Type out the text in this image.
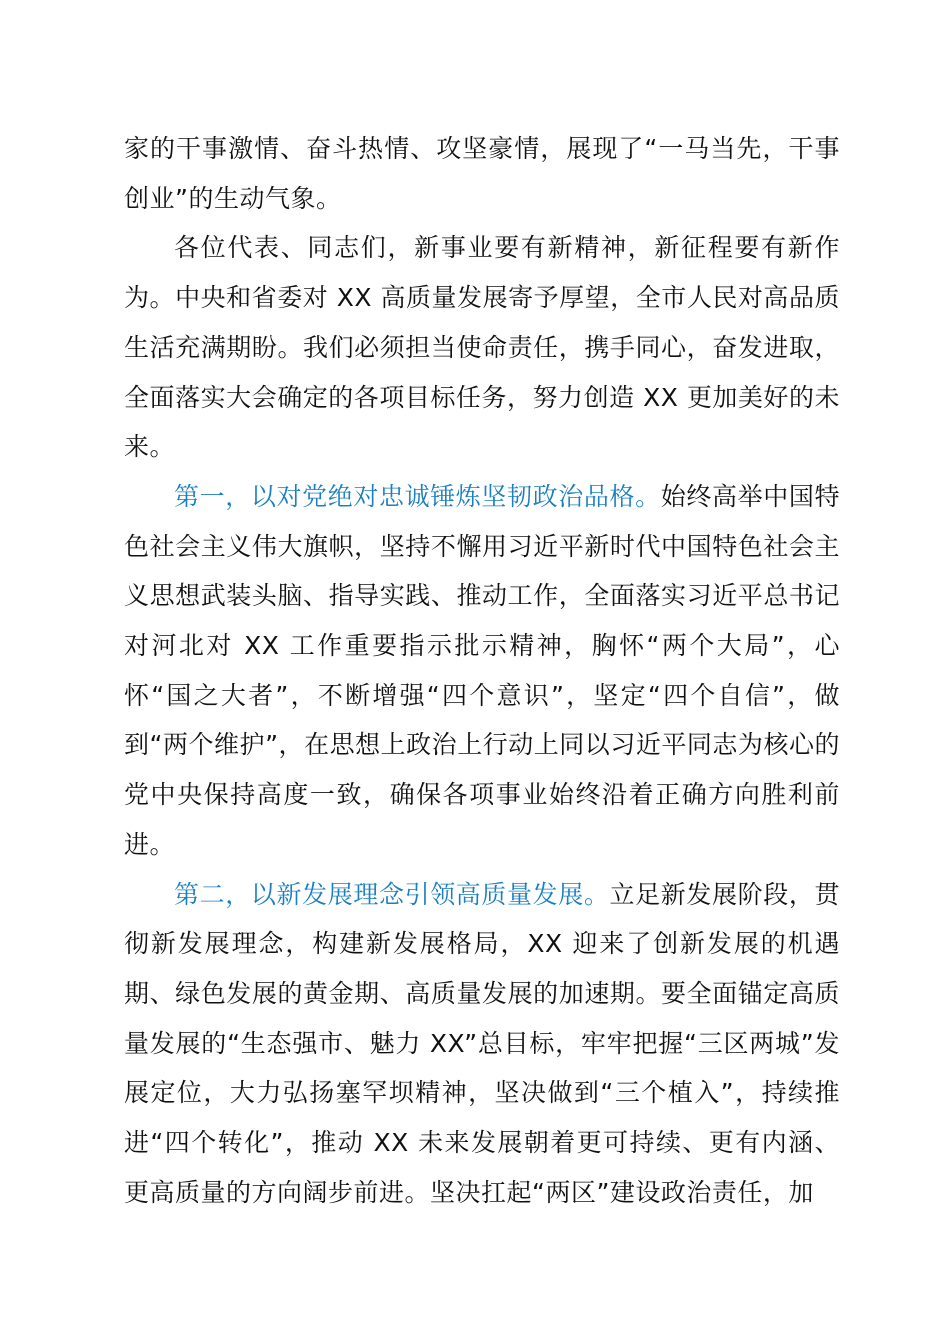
家的干事激情、奋斗热情、攻坚豪情，展现了“一马当先，干事创业”的生动气象。

各位代表、同志们，新事业要有新精神，新征程要有新作为。中央和省委对 XX 高质量发展寄予厚望，全市人民对高品质生活充满期盼。我们必须担当使命责任，携手同心，奋发进取，全面落实大会确定的各项目标任务，努力创造 XX 更加美好的未来。

第一，以对党绝对忠诚锤炼坚韧政治品格。始终高举中国特色社会主义伟大旗帜，坚持不懈用习近平新时代中国特色社会主义思想武装头脑、指导实践、推动工作，全面落实习近平总书记对河北对 XX 工作重要指示批示精神，胸怀“两个大局”，心怀“国之大者”，不断增强“四个意识”，坚定“四个自信”，做到“两个维护”，在思想上政治上行动上同以习近平同志为核心的党中央保持高度一致，确保各项事业始终沿着正确方向胜利前进。

第二，以新发展理念引领高质量发展。立足新发展阶段，贯彻新发展理念，构建新发展格局，XX 迎来了创新发展的机遇期、绿色发展的黄金期、高质量发展的加速期。要全面锚定高质量发展的“生态强市、魅力 XX”总目标，牢牢把握“三区两城”发展定位，大力弘扬塞罕坝精神，坚决做到“三个植入”，持续推进“四个转化”，推动 XX 未来发展朝着更可持续、更有内涵、更高质量的方向阔步前进。坚决扛起“两区”建设政治责任，加
